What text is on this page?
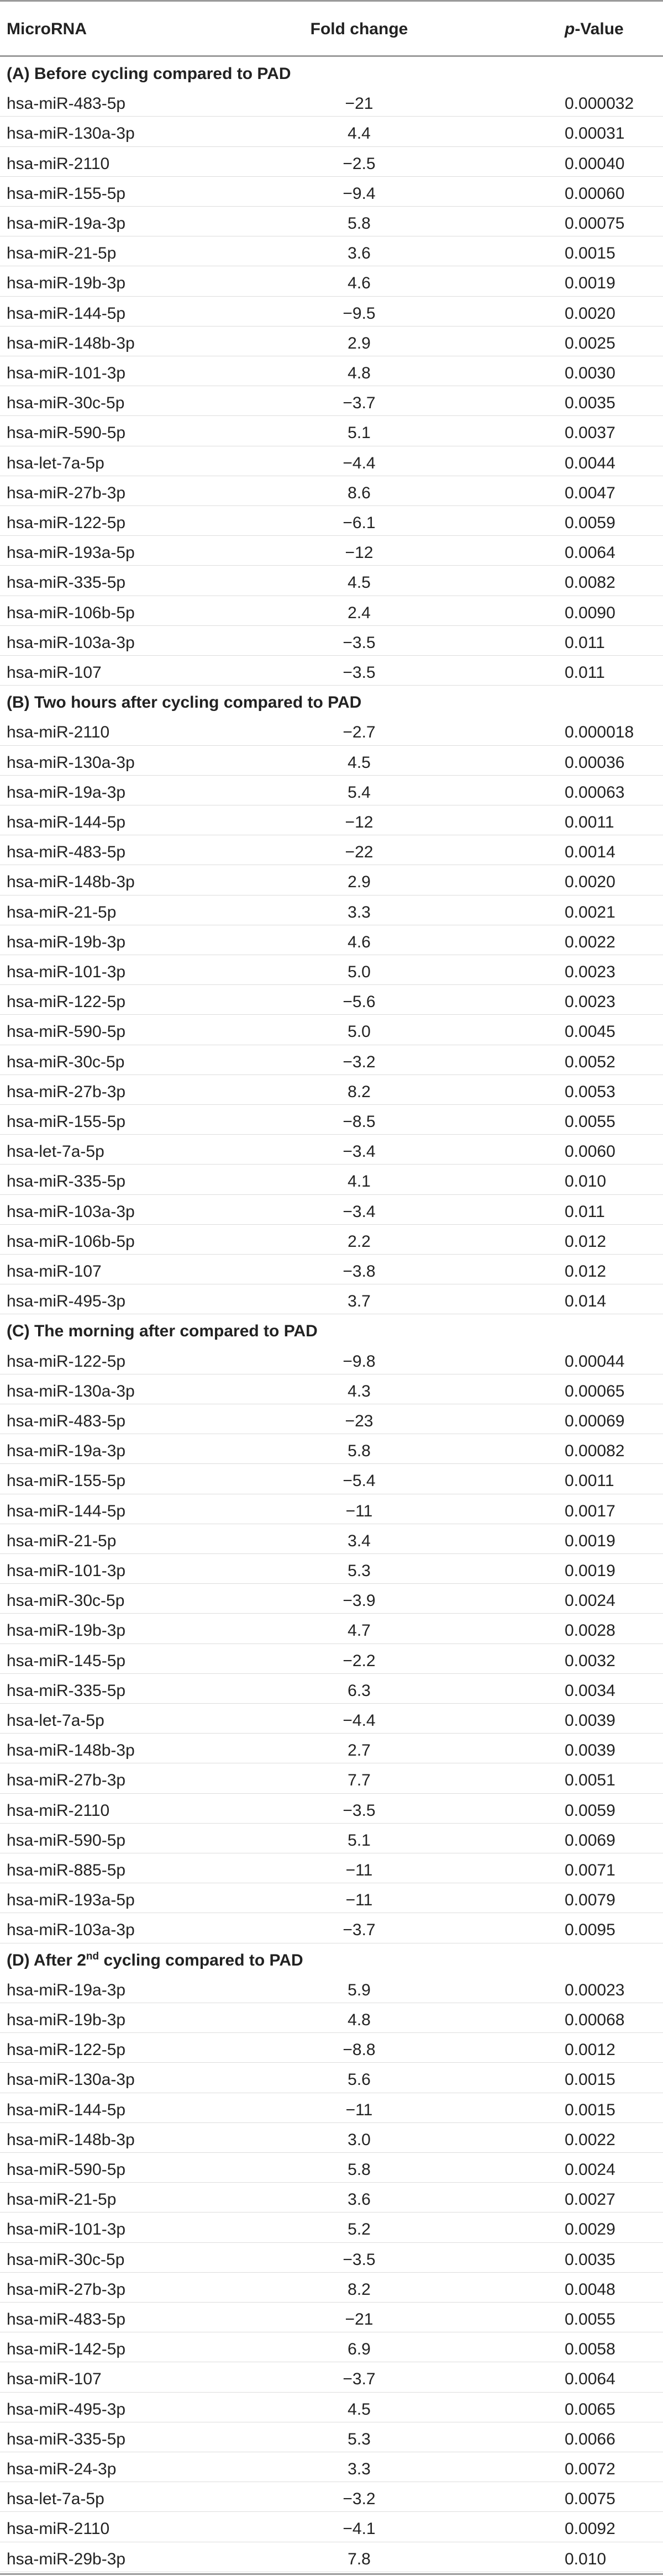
MicroRNA	Fold change	p-Value
(A) Before cycling compared to PAD
hsa-miR-483-5p	−21	0.000032
hsa-miR-130a-3p	4.4	0.00031
hsa-miR-2110	−2.5	0.00040
hsa-miR-155-5p	−9.4	0.00060
hsa-miR-19a-3p	5.8	0.00075
hsa-miR-21-5p	3.6	0.0015
hsa-miR-19b-3p	4.6	0.0019
hsa-miR-144-5p	−9.5	0.0020
hsa-miR-148b-3p	2.9	0.0025
hsa-miR-101-3p	4.8	0.0030
hsa-miR-30c-5p	−3.7	0.0035
hsa-miR-590-5p	5.1	0.0037
hsa-let-7a-5p	−4.4	0.0044
hsa-miR-27b-3p	8.6	0.0047
hsa-miR-122-5p	−6.1	0.0059
hsa-miR-193a-5p	−12	0.0064
hsa-miR-335-5p	4.5	0.0082
hsa-miR-106b-5p	2.4	0.0090
hsa-miR-103a-3p	−3.5	0.011
hsa-miR-107	−3.5	0.011
(B) Two hours after cycling compared to PAD
hsa-miR-2110	−2.7	0.000018
hsa-miR-130a-3p	4.5	0.00036
hsa-miR-19a-3p	5.4	0.00063
hsa-miR-144-5p	−12	0.0011
hsa-miR-483-5p	−22	0.0014
hsa-miR-148b-3p	2.9	0.0020
hsa-miR-21-5p	3.3	0.0021
hsa-miR-19b-3p	4.6	0.0022
hsa-miR-101-3p	5.0	0.0023
hsa-miR-122-5p	−5.6	0.0023
hsa-miR-590-5p	5.0	0.0045
hsa-miR-30c-5p	−3.2	0.0052
hsa-miR-27b-3p	8.2	0.0053
hsa-miR-155-5p	−8.5	0.0055
hsa-let-7a-5p	−3.4	0.0060
hsa-miR-335-5p	4.1	0.010
hsa-miR-103a-3p	−3.4	0.011
hsa-miR-106b-5p	2.2	0.012
hsa-miR-107	−3.8	0.012
hsa-miR-495-3p	3.7	0.014
(C) The morning after compared to PAD
hsa-miR-122-5p	−9.8	0.00044
hsa-miR-130a-3p	4.3	0.00065
hsa-miR-483-5p	−23	0.00069
hsa-miR-19a-3p	5.8	0.00082
hsa-miR-155-5p	−5.4	0.0011
hsa-miR-144-5p	−11	0.0017
hsa-miR-21-5p	3.4	0.0019
hsa-miR-101-3p	5.3	0.0019
hsa-miR-30c-5p	−3.9	0.0024
hsa-miR-19b-3p	4.7	0.0028
hsa-miR-145-5p	−2.2	0.0032
hsa-miR-335-5p	6.3	0.0034
hsa-let-7a-5p	−4.4	0.0039
hsa-miR-148b-3p	2.7	0.0039
hsa-miR-27b-3p	7.7	0.0051
hsa-miR-2110	−3.5	0.0059
hsa-miR-590-5p	5.1	0.0069
hsa-miR-885-5p	−11	0.0071
hsa-miR-193a-5p	−11	0.0079
hsa-miR-103a-3p	−3.7	0.0095
(D) After 2nd cycling compared to PAD
hsa-miR-19a-3p	5.9	0.00023
hsa-miR-19b-3p	4.8	0.00068
hsa-miR-122-5p	−8.8	0.0012
hsa-miR-130a-3p	5.6	0.0015
hsa-miR-144-5p	−11	0.0015
hsa-miR-148b-3p	3.0	0.0022
hsa-miR-590-5p	5.8	0.0024
hsa-miR-21-5p	3.6	0.0027
hsa-miR-101-3p	5.2	0.0029
hsa-miR-30c-5p	−3.5	0.0035
hsa-miR-27b-3p	8.2	0.0048
hsa-miR-483-5p	−21	0.0055
hsa-miR-142-5p	6.9	0.0058
hsa-miR-107	−3.7	0.0064
hsa-miR-495-3p	4.5	0.0065
hsa-miR-335-5p	5.3	0.0066
hsa-miR-24-3p	3.3	0.0072
hsa-let-7a-5p	−3.2	0.0075
hsa-miR-2110	−4.1	0.0092
hsa-miR-29b-3p	7.8	0.010
